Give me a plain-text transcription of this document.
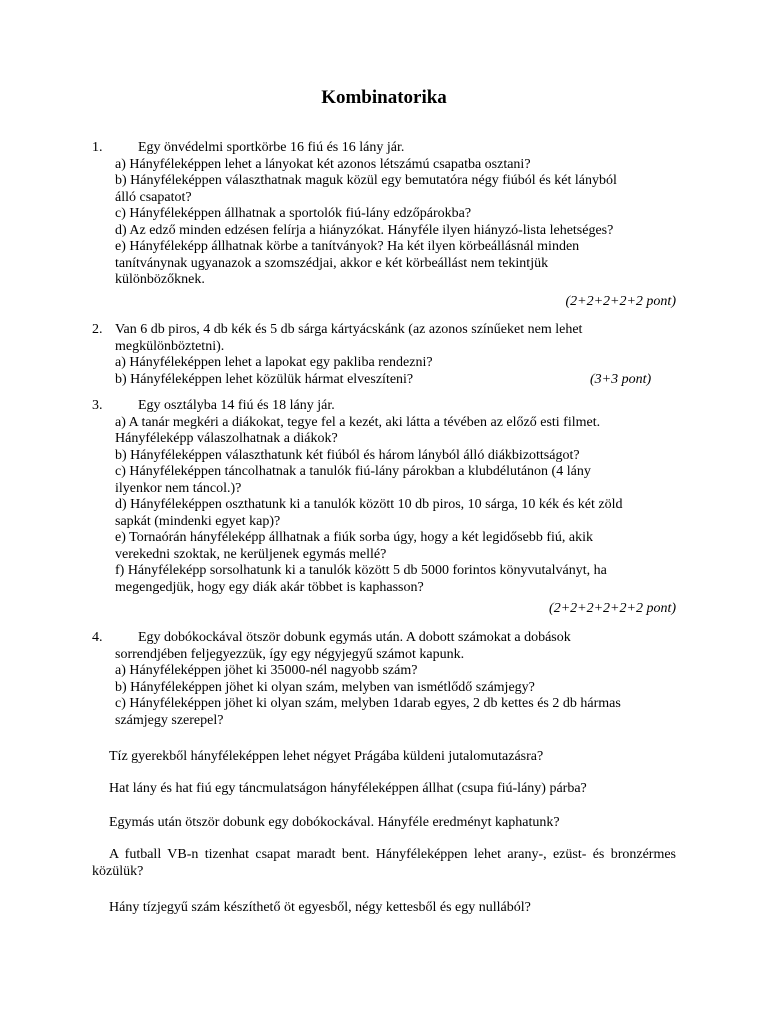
Kombinatorika
1.	Egy önvédelmi sportkörbe 16 fiú és 16 lány jár.
a) Hányféleképpen lehet a lányokat két azonos létszámú csapatba osztani?
b) Hányféleképpen választhatnak maguk közül egy bemutatóra négy fiúból és két lányból
álló csapatot?
c) Hányféleképpen állhatnak a sportolók fiú-lány edzőpárokba?
d) Az edző minden edzésen felírja a hiányzókat. Hányféle ilyen hiányzó-lista lehetséges?
e) Hányféleképp állhatnak körbe a tanítványok? Ha két ilyen körbeállásnál minden
tanítványnak ugyanazok a szomszédjai, akkor e két körbeállást nem tekintjük
különbözőknek.
(2+2+2+2+2 pont)
2. Van 6 db piros, 4 db kék és 5 db sárga kártyácskánk (az azonos színűeket nem lehet
megkülönböztetni).
a) Hányféleképpen lehet a lapokat egy pakliba rendezni?
b) Hányféleképpen lehet közülük hármat elveszíteni?	(3+3 pont)
3.	Egy osztályba 14 fiú és 18 lány jár.
a) A tanár megkéri a diákokat, tegye fel a kezét, aki látta a tévében az előző esti filmet.
Hányféleképp válaszolhatnak a diákok?
b) Hányféleképpen választhatunk két fiúból és három lányból álló diákbizottságot?
c) Hányféleképpen táncolhatnak a tanulók fiú-lány párokban a klubdélutánon (4 lány
ilyenkor nem táncol.)?
d) Hányféleképpen oszthatunk ki a tanulók között 10 db piros, 10 sárga, 10 kék és két zöld
sapkát (mindenki egyet kap)?
e) Tornaórán hányféleképp állhatnak a fiúk sorba úgy, hogy a két legidősebb fiú, akik
verekedni szoktak, ne kerüljenek egymás mellé?
f) Hányféleképp sorsolhatunk ki a tanulók között 5 db 5000 forintos könyvutalványt, ha
megengedjük, hogy egy diák akár többet is kaphasson?
(2+2+2+2+2+2 pont)
4.	Egy dobókockával ötször dobunk egymás után. A dobott számokat a dobások
sorrendjében feljegyezzük, így egy négyjegyű számot kapunk.
a) Hányféleképpen jöhet ki 35000-nél nagyobb szám?
b) Hányféleképpen jöhet ki olyan szám, melyben van ismétlődő számjegy?
c) Hányféleképpen jöhet ki olyan szám, melyben 1darab egyes, 2 db kettes és 2 db hármas
számjegy szerepel?
Tíz gyerekből hányféleképpen lehet négyet Prágába küldeni jutalomutazásra?
Hat lány és hat fiú egy táncmulatságon hányféleképpen állhat (csupa fiú-lány) párba?
Egymás után ötször dobunk egy dobókockával. Hányféle eredményt kaphatunk?
A futball VB-n tizenhat csapat maradt bent. Hányféleképpen lehet arany-, ezüst- és bronzérmes közülük?
Hány tízjegyű szám készíthető öt egyesből, négy kettesből és egy nullából?
